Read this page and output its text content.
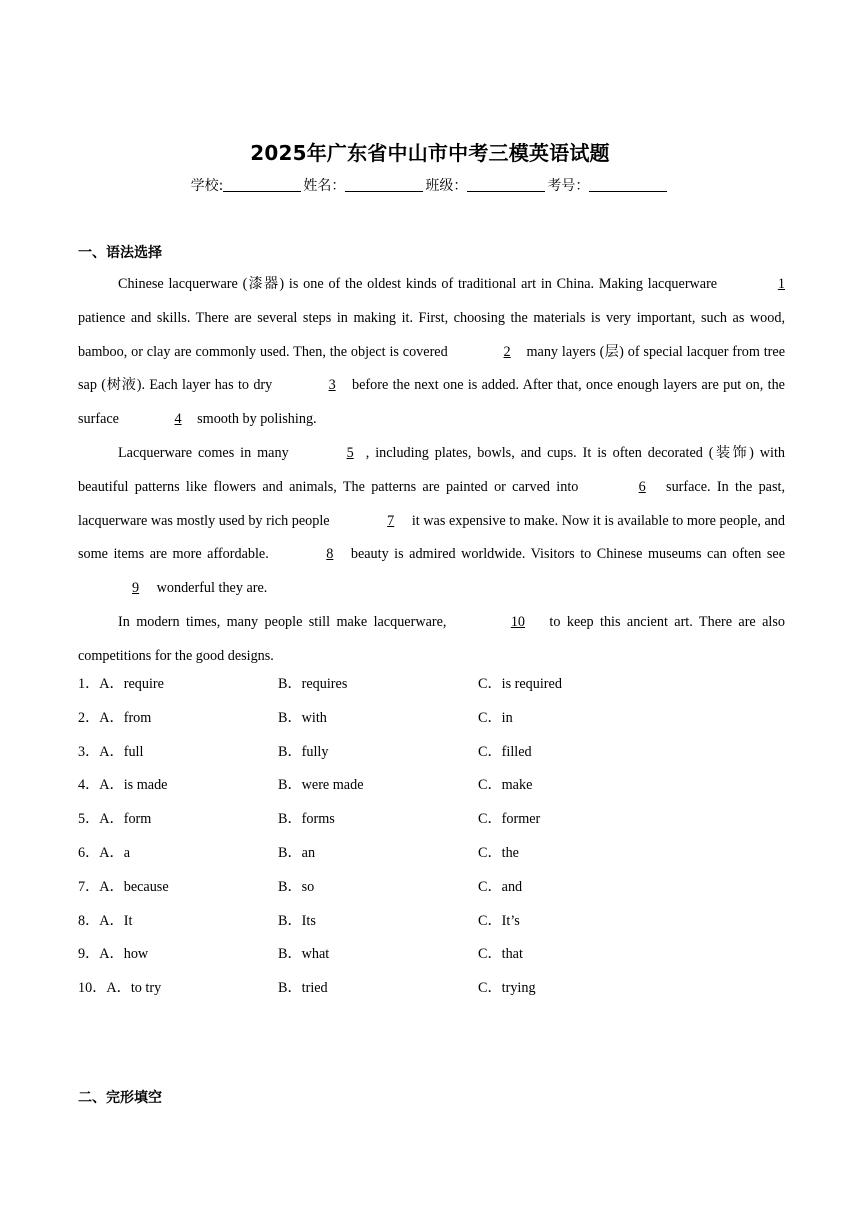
2025年广东省中山市中考三模英语试题
学校:	姓名：	班级：	考号：
一、语法选择

Chinese lacquerware (漆器) is one of the oldest kinds of traditional art in China. Making lacquerware	1 patience and skills. There are several steps in making it. First, choosing the materials is very important, such as wood, bamboo, or clay are commonly used. Then, the object is covered	2 many layers (层) of special lacquer from tree sap (树液). Each layer has to dry	3 before the next one is added. After that, once enough layers are put on, the surface	4 smooth by polishing.

Lacquerware comes in many	5 , including plates, bowls, and cups. It is often decorated (装饰) with beautiful patterns like flowers and animals, The patterns are painted or carved into	6 surface. In the past, lacquerware was mostly used by rich people	7 it was expensive to make. Now it is available to more people, and some items are more affordable.	8 beauty is admired worldwide. Visitors to Chinese museums can often see 9 wonderful they are.

In modern times, many people still make lacquerware,	10 to keep this ancient art. There are also competitions for the good designs.

1．A．require	B．requires	C．is required
2．A．from	B．with	C．in
3．A．full	B．fully	C．filled
4．A．is made	B．were made	C．make
5．A．form	B．forms	C．former
6．A．a	B．an	C．the
7．A．because	B．so	C．and
8．A．It	B．Its	C．It’s
9．A．how	B．what	C．that
10．A．to try	B．tried	C．trying
二、完形填空
